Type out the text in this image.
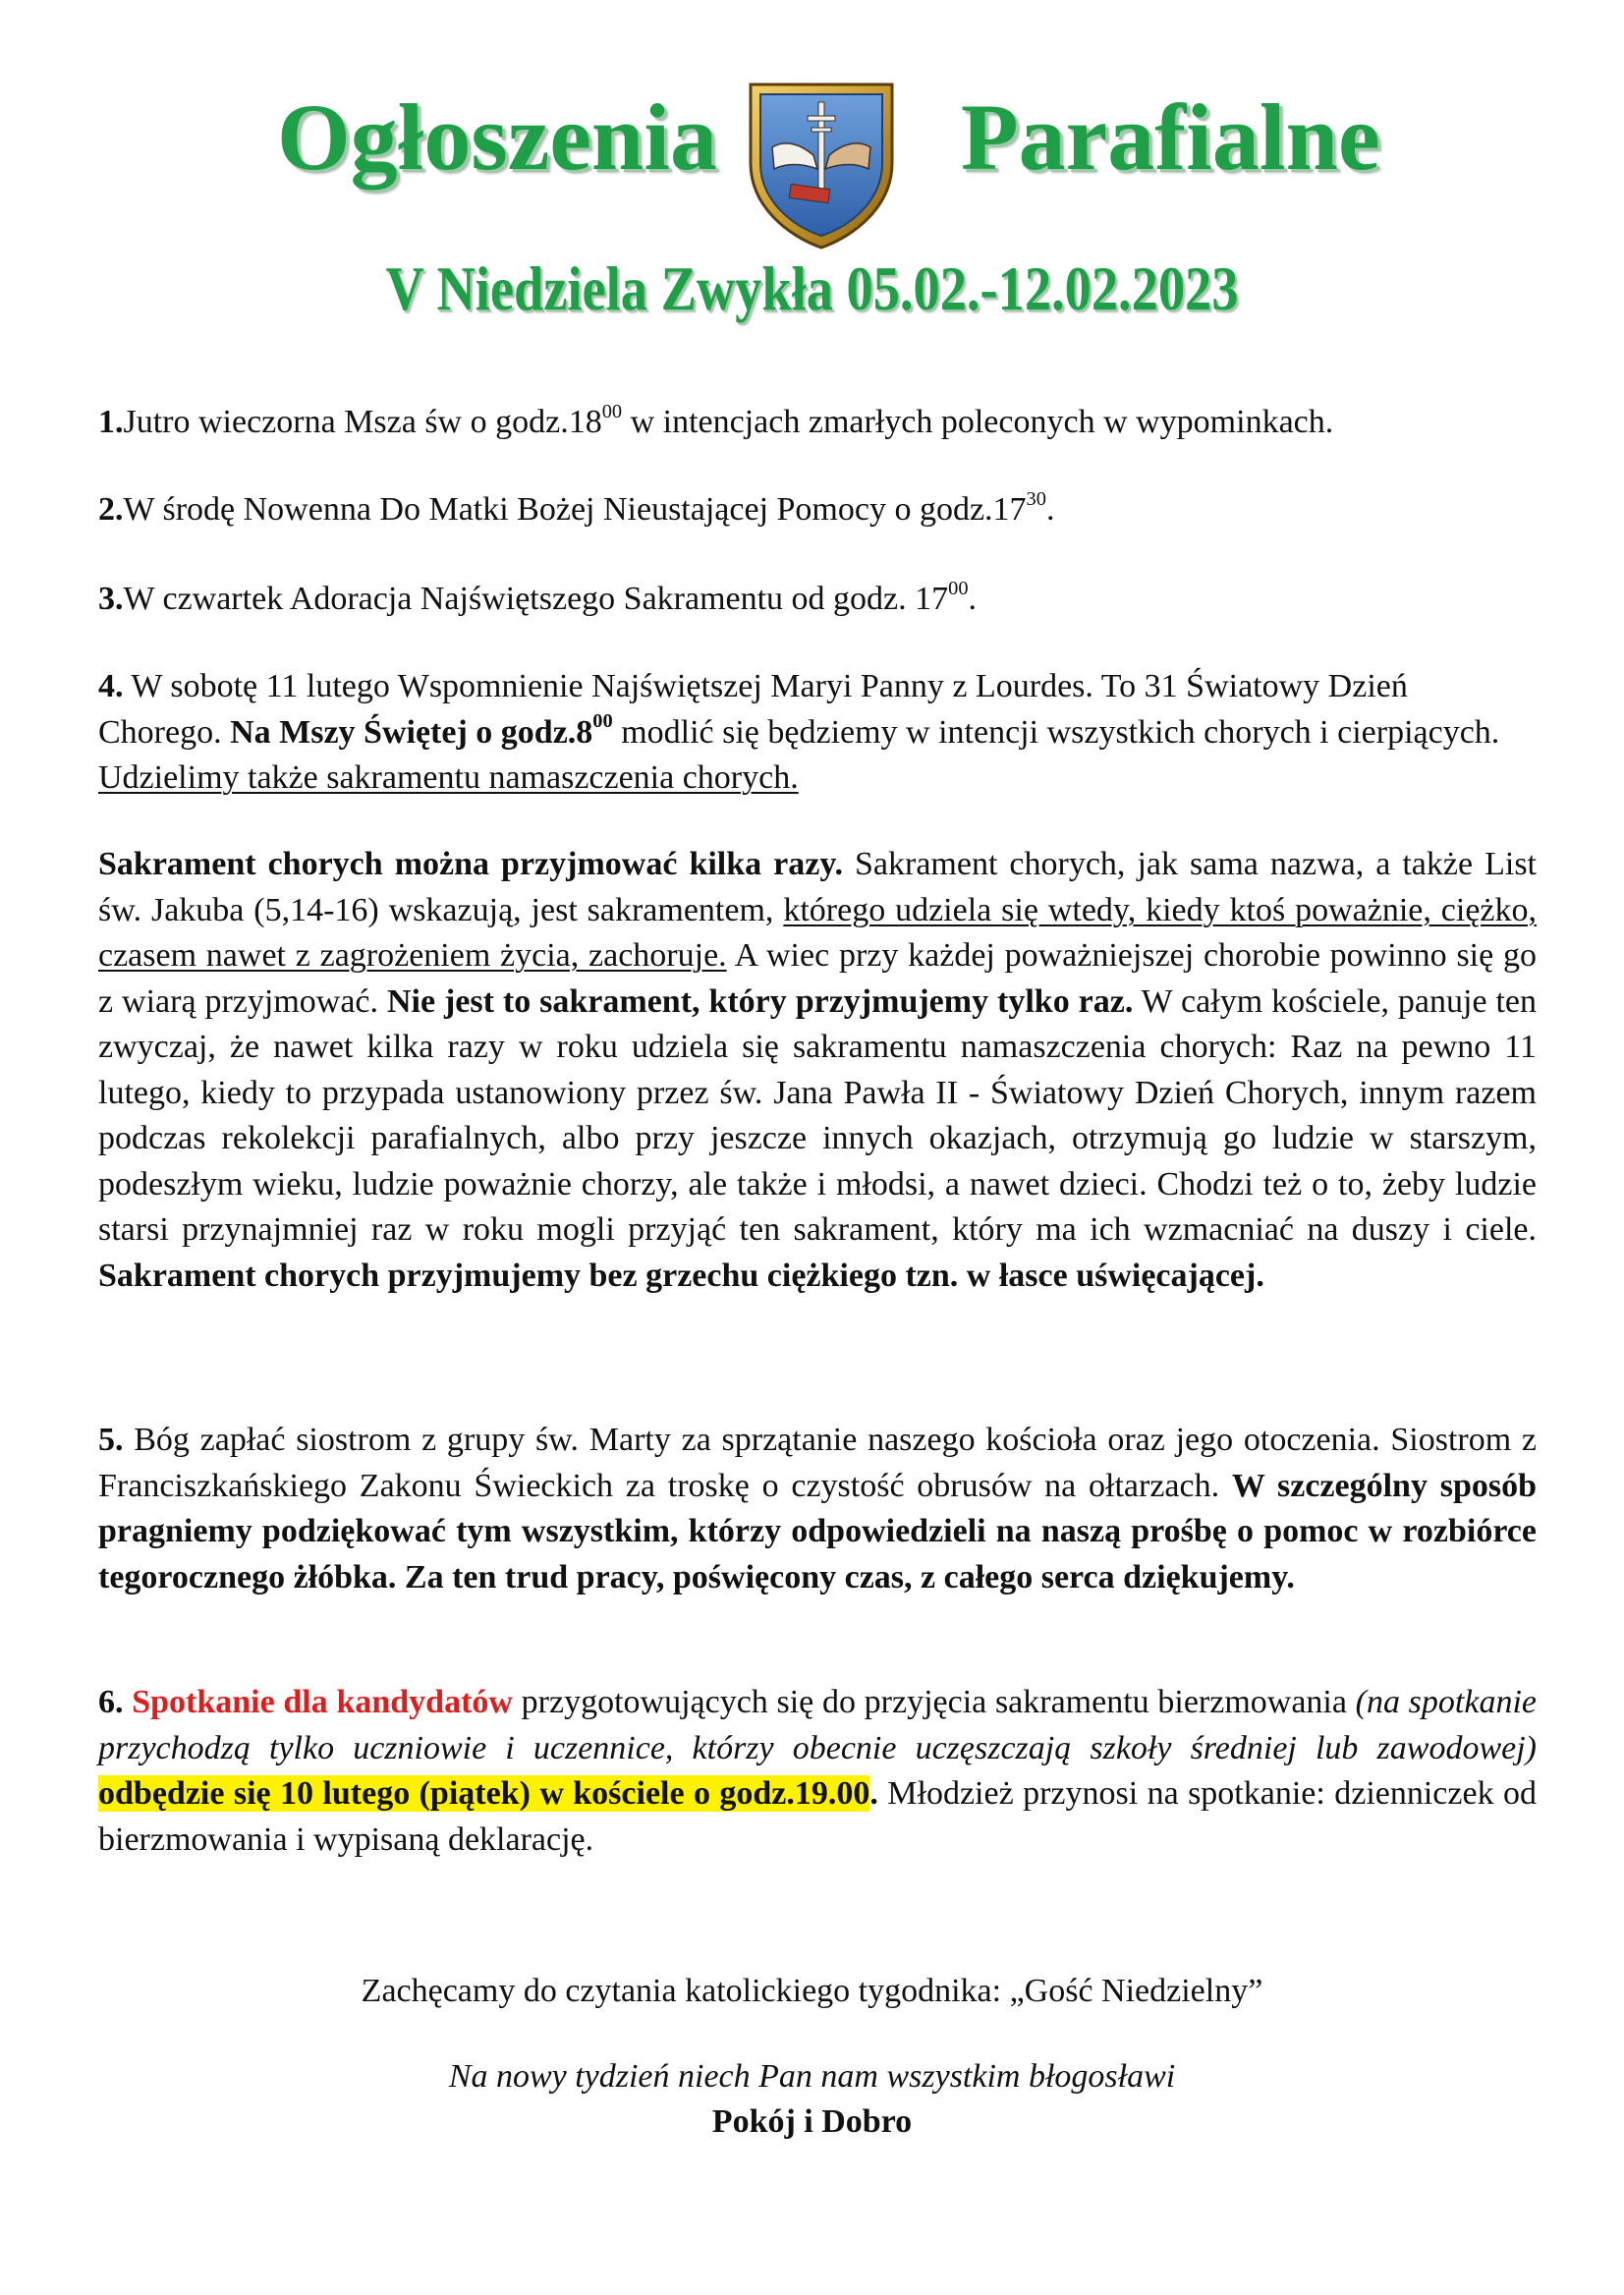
Ogłoszenia	Parafialne
V Niedziela Zwykła 05.02.-12.02.2023

1.Jutro wieczorna Msza św o $godz.18^{00}$ w intencjach zmarłych poleconych w wypominkach.

2.W środę Nowenna Do Matki Bożej Nieustającej Pomocy o $godz.17^{30}$.

3.W czwartek Adoracja Najświętszego Sakramentu od godz. $17^{00}$.

4. W sobotę 11 lutego Wspomnienie Najświętszej Maryi Panny z Lourdes. To 31 Światowy Dzień Chorego. Na Mszy Świętej o $godz.8^{00}$ modlić się będziemy w intencji wszystkich chorych i cierpiących. Udzielimy także sakramentu namaszczenia chorych.

Sakrament chorych można przyjmować kilka razy. Sakrament chorych, jak sama nazwa, a także List św. Jakuba (5,14-16) wskazują, jest sakramentem, którego udziela się wtedy, kiedy ktoś poważnie, ciężko, czasem nawet z zagrożeniem życia, zachoruje. A wiec przy każdej poważniejszej chorobie powinno się go z wiarą przyjmować. Nie jest to sakrament, który przyjmujemy tylko raz. W całym kościele, panuje ten zwyczaj, że nawet kilka razy w roku udziela się sakramentu namaszczenia chorych: Raz na pewno 11 lutego, kiedy to przypada ustanowiony przez św. Jana Pawła II - Światowy Dzień Chorych, innym razem podczas rekolekcji parafialnych, albo przy jeszcze innych okazjach, otrzymują go ludzie w starszym, podeszłym wieku, ludzie poważnie chorzy, ale także i młodsi, a nawet dzieci. Chodzi też o to, żeby ludzie starsi przynajmniej raz w roku mogli przyjąć ten sakrament, który ma ich wzmacniać na duszy i ciele. Sakrament chorych przyjmujemy bez grzechu ciężkiego tzn. w łasce uświęcającej.

5. Bóg zapłać siostrom z grupy św. Marty za sprzątanie naszego kościoła oraz jego otoczenia. Siostrom z Franciszkańskiego Zakonu Świeckich za troskę o czystość obrusów na ołtarzach. W szczególny sposób pragniemy podziękować tym wszystkim, którzy odpowiedzieli na naszą prośbę o pomoc w rozbiórce tegorocznego żłóbka. Za ten trud pracy, poświęcony czas, z całego serca dziękujemy.

6. Spotkanie dla kandydatów przygotowujących się do przyjęcia sakramentu bierzmowania (na spotkanie przychodzą tylko uczniowie i uczennice, którzy obecnie uczęszczają szkoły średniej lub zawodowej) odbędzie się 10 lutego (piątek) w kościele o godz.19.00. Młodzież przynosi na spotkanie: dzienniczek od bierzmowania i wypisaną deklarację.

Zachęcamy do czytania katolickiego tygodnika: „Gość Niedzielny”
Na nowy tydzień niech Pan nam wszystkim błogosławi
Pokój i Dobro
